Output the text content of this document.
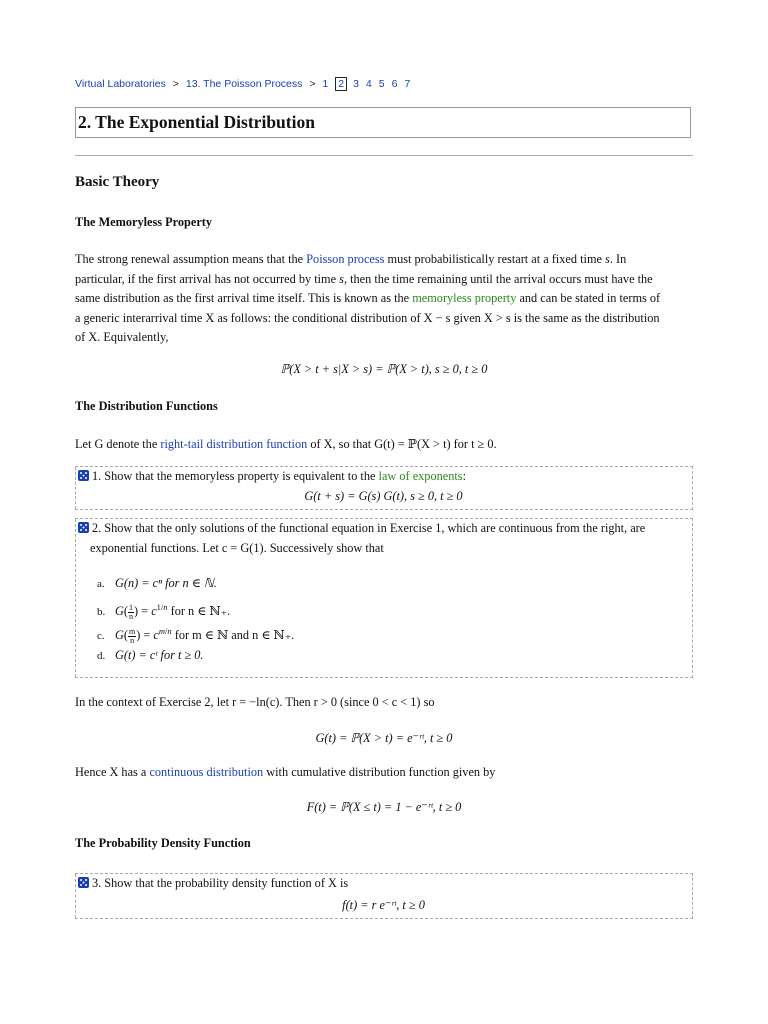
Virtual Laboratories > 13. The Poisson Process > 1 2 3 4 5 6 7
2. The Exponential Distribution
Basic Theory
The Memoryless Property
The strong renewal assumption means that the Poisson process must probabilistically restart at a fixed time s. In
particular, if the first arrival has not occurred by time s, then the time remaining until the arrival occurs must have the
same distribution as the first arrival time itself. This is known as the memoryless property and can be stated in terms of
a generic interarrival time X as follows: the conditional distribution of X − s given X > s is the same as the distribution
of X. Equivalently,
ℙ(X > t + s|X > s) = ℙ(X > t), s ≥ 0, t ≥ 0
The Distribution Functions
Let G denote the right-tail distribution function of X, so that G(t) = ℙ(X > t) for t ≥ 0.
1. Show that the memoryless property is equivalent to the law of exponents:
G(t + s) = G(s) G(t), s ≥ 0, t ≥ 0
2. Show that the only solutions of the functional equation in Exercise 1, which are continuous from the right, are
exponential functions. Let c = G(1). Successively show that
a. G(n) = cⁿ for n ∈ ℕ.
b. $G( \frac{1}{n}$ ) = $c^{1/n}$ for n ∈ ℕ₊.
c. $G( \frac{m}{n}$ ) = $c^{m/n}$ for m ∈ ℕ and n ∈ ℕ₊.
d. G(t) = cᵗ for t ≥ 0.
In the context of Exercise 2, let r = −ln(c). Then r > 0 (since 0 < c < 1) so
G(t) = ℙ(X > t) = e⁻ʳᵗ, t ≥ 0
Hence X has a continuous distribution with cumulative distribution function given by
F(t) = ℙ(X ≤ t) = 1 − e⁻ʳᵗ, t ≥ 0
The Probability Density Function
3. Show that the probability density function of X is
f(t) = r e⁻ʳᵗ, t ≥ 0
